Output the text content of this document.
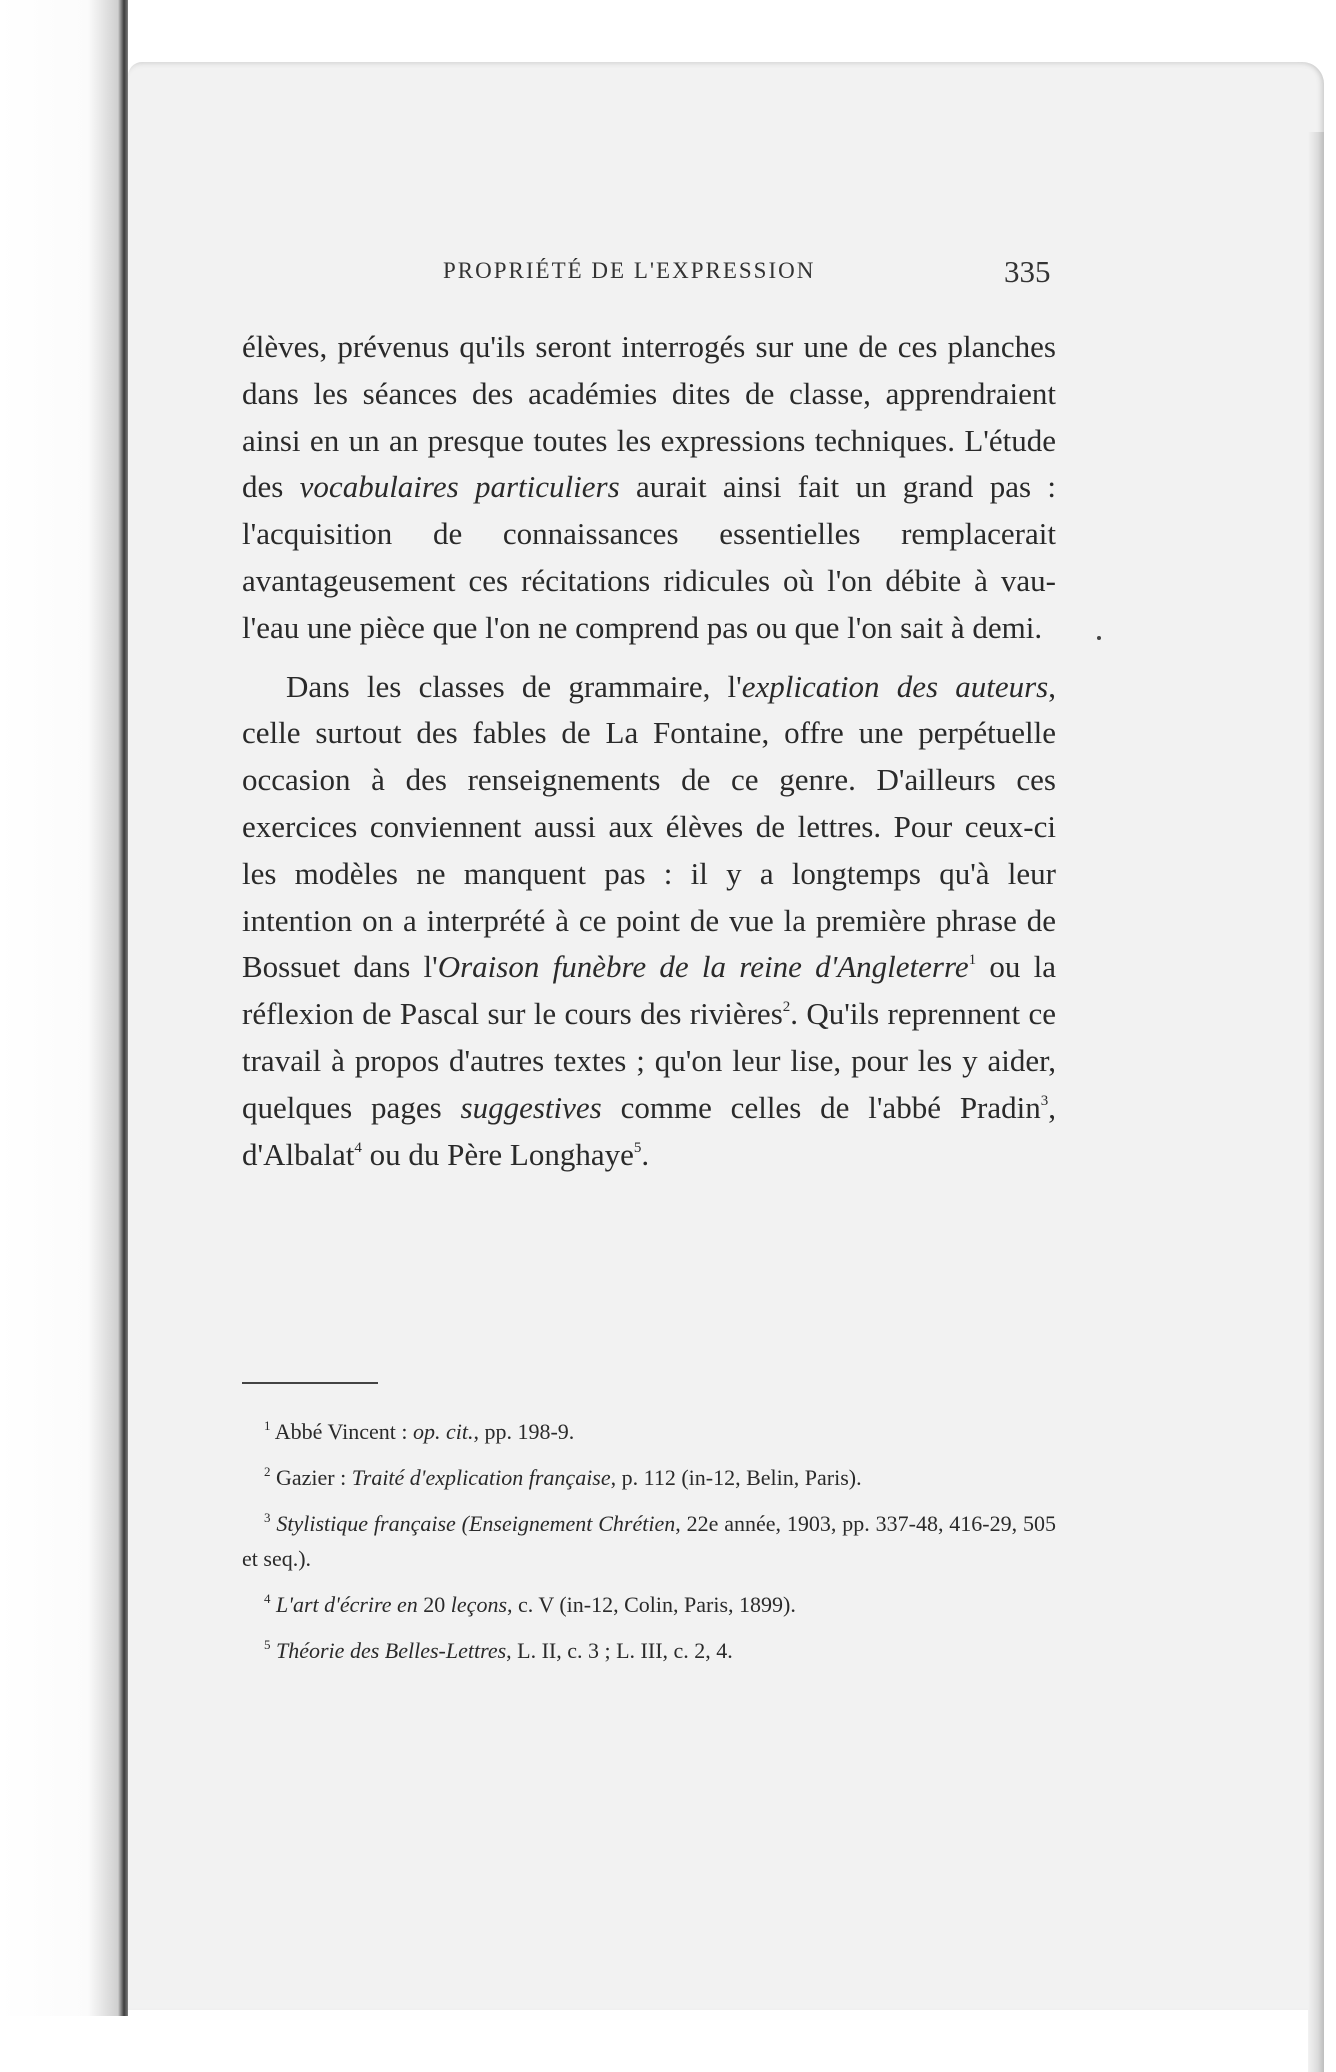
PROPRIÉTÉ DE L'EXPRESSION	335

élèves, prévenus qu'ils seront interrogés sur une de ces planches dans les séances des académies dites de classe, apprendraient ainsi en un an presque toutes les expressions techniques. L'étude des vocabulaires particuliers aurait ainsi fait un grand pas : l'acquisition de connaissances essentielles remplacerait avantageusement ces récitations ridicules où l'on débite à vau-l'eau une pièce que l'on ne comprend pas ou que l'on sait à demi.

Dans les classes de grammaire, l'explication des auteurs, celle surtout des fables de La Fontaine, offre une perpétuelle occasion à des renseignements de ce genre. D'ailleurs ces exercices conviennent aussi aux élèves de lettres. Pour ceux-ci les modèles ne manquent pas : il y a longtemps qu'à leur intention on a interprété à ce point de vue la première phrase de Bossuet dans l'Oraison funèbre de la reine d'Angleterre$^1$ ou la réflexion de Pascal sur le cours des rivières$^2$. Qu'ils reprennent ce travail à propos d'autres textes ; qu'on leur lise, pour les y aider, quelques pages suggestives comme celles de l'abbé Pradin$^3$, d'Albalat$^4$ ou du Père Longhaye$^5$.

$^1$ Abbé Vincent : op. cit., pp. 198-9.

$^2$ Gazier : Traité d'explication française, p. 112 (in-12, Belin, Paris).

$^3$ Stylistique française (Enseignement Chrétien, 22e année, 1903, pp. 337-48, 416-29, 505 et seq.).

$^4$ L'art d'écrire en 20 leçons, c. V (in-12, Colin, Paris, 1899).

$^5$ Théorie des Belles-Lettres, L. II, c. 3 ; L. III, c. 2, 4.
